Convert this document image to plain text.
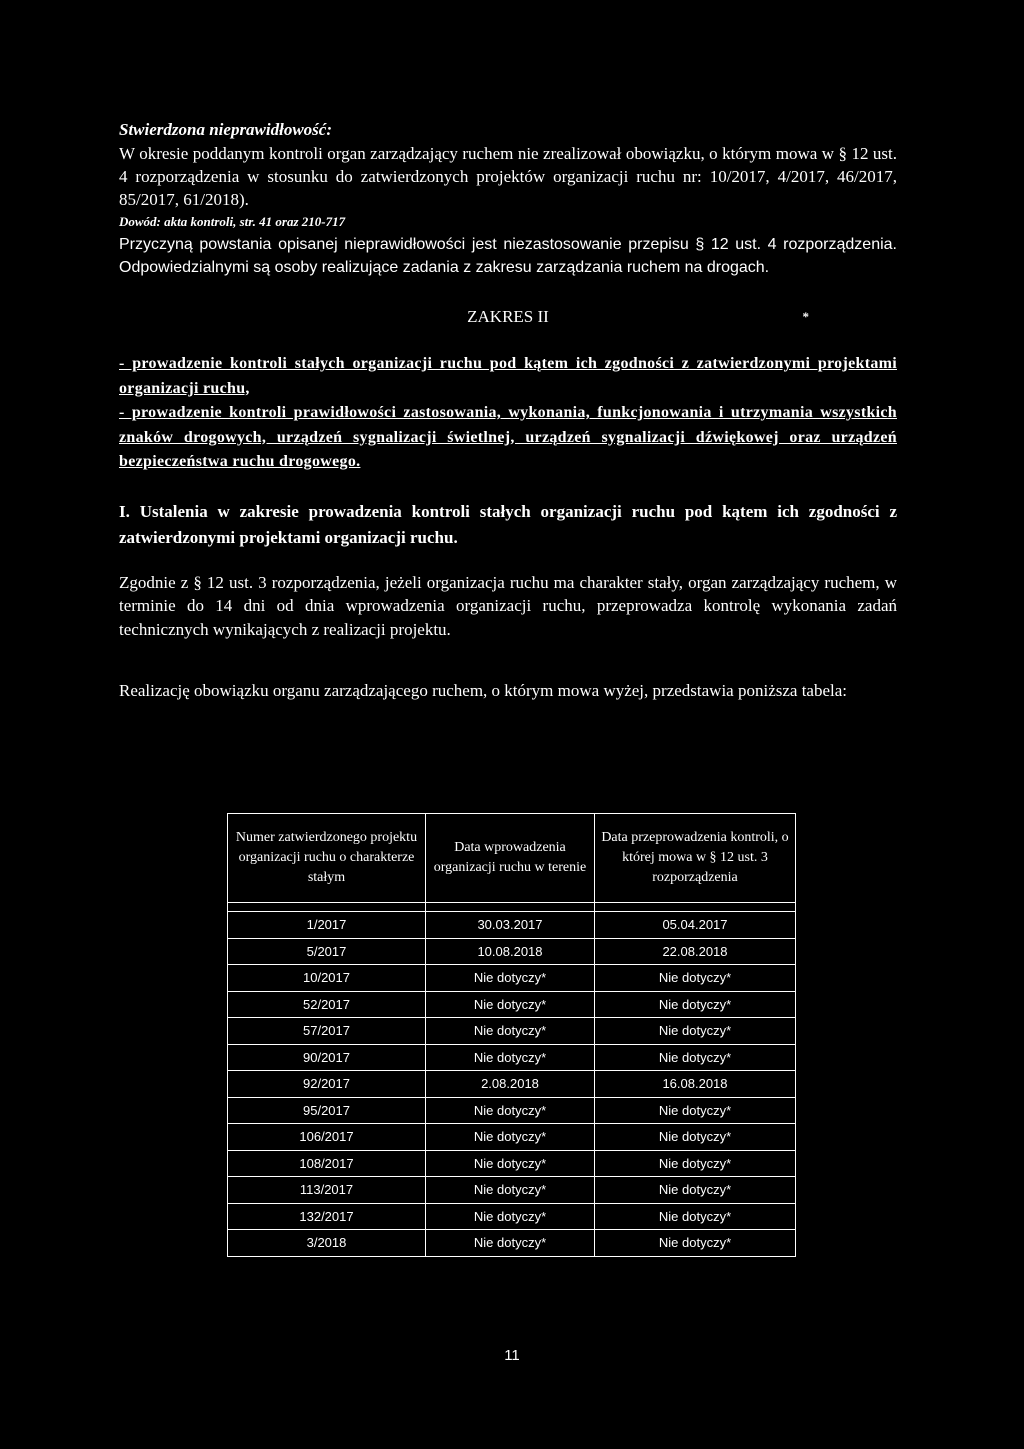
Stwierdzona nieprawidłowość:

W okresie poddanym kontroli organ zarządzający ruchem nie zrealizował obowiązku, o którym mowa w § 12 ust. 4 rozporządzenia w stosunku do zatwierdzonych projektów organizacji ruchu nr: 10/2017, 4/2017, 46/2017, 85/2017, 61/2018).

Dowód: akta kontroli, str. 41 oraz 210-717

Przyczyną powstania opisanej nieprawidłowości jest niezastosowanie przepisu § 12 ust. 4 rozporządzenia. Odpowiedzialnymi są osoby realizujące zadania z zakresu zarządzania ruchem na drogach.

ZAKRES II	*
- prowadzenie kontroli stałych organizacji ruchu pod kątem ich zgodności z zatwierdzonymi projektami organizacji ruchu,
- prowadzenie kontroli prawidłowości zastosowania, wykonania, funkcjonowania i utrzymania wszystkich znaków drogowych, urządzeń sygnalizacji świetlnej, urządzeń sygnalizacji dźwiękowej oraz urządzeń bezpieczeństwa ruchu drogowego.
I. Ustalenia w zakresie prowadzenia kontroli stałych organizacji ruchu pod kątem ich zgodności z zatwierdzonymi projektami organizacji ruchu.
Zgodnie z § 12 ust. 3 rozporządzenia, jeżeli organizacja ruchu ma charakter stały, organ zarządzający ruchem, w terminie do 14 dni od dnia wprowadzenia organizacji ruchu, przeprowadza kontrolę wykonania zadań technicznych wynikających z realizacji projektu.
Realizację obowiązku organu zarządzającego ruchem, o którym mowa wyżej, przedstawia poniższa tabela:
Numer zatwierdzonego projektu organizacji ruchu o charakterze stałym	Data wprowadzenia organizacji ruchu w terenie	Data przeprowadzenia kontroli, o której mowa w § 12 ust. 3 rozporządzenia

1/2017	30.03.2017	05.04.2017
5/2017	10.08.2018	22.08.2018
10/2017	Nie dotyczy*	Nie dotyczy*
52/2017	Nie dotyczy*	Nie dotyczy*
57/2017	Nie dotyczy*	Nie dotyczy*
90/2017	Nie dotyczy*	Nie dotyczy*
92/2017	2.08.2018	16.08.2018
95/2017	Nie dotyczy*	Nie dotyczy*
106/2017	Nie dotyczy*	Nie dotyczy*
108/2017	Nie dotyczy*	Nie dotyczy*
113/2017	Nie dotyczy*	Nie dotyczy*
132/2017	Nie dotyczy*	Nie dotyczy*
3/2018	Nie dotyczy*	Nie dotyczy*
11
